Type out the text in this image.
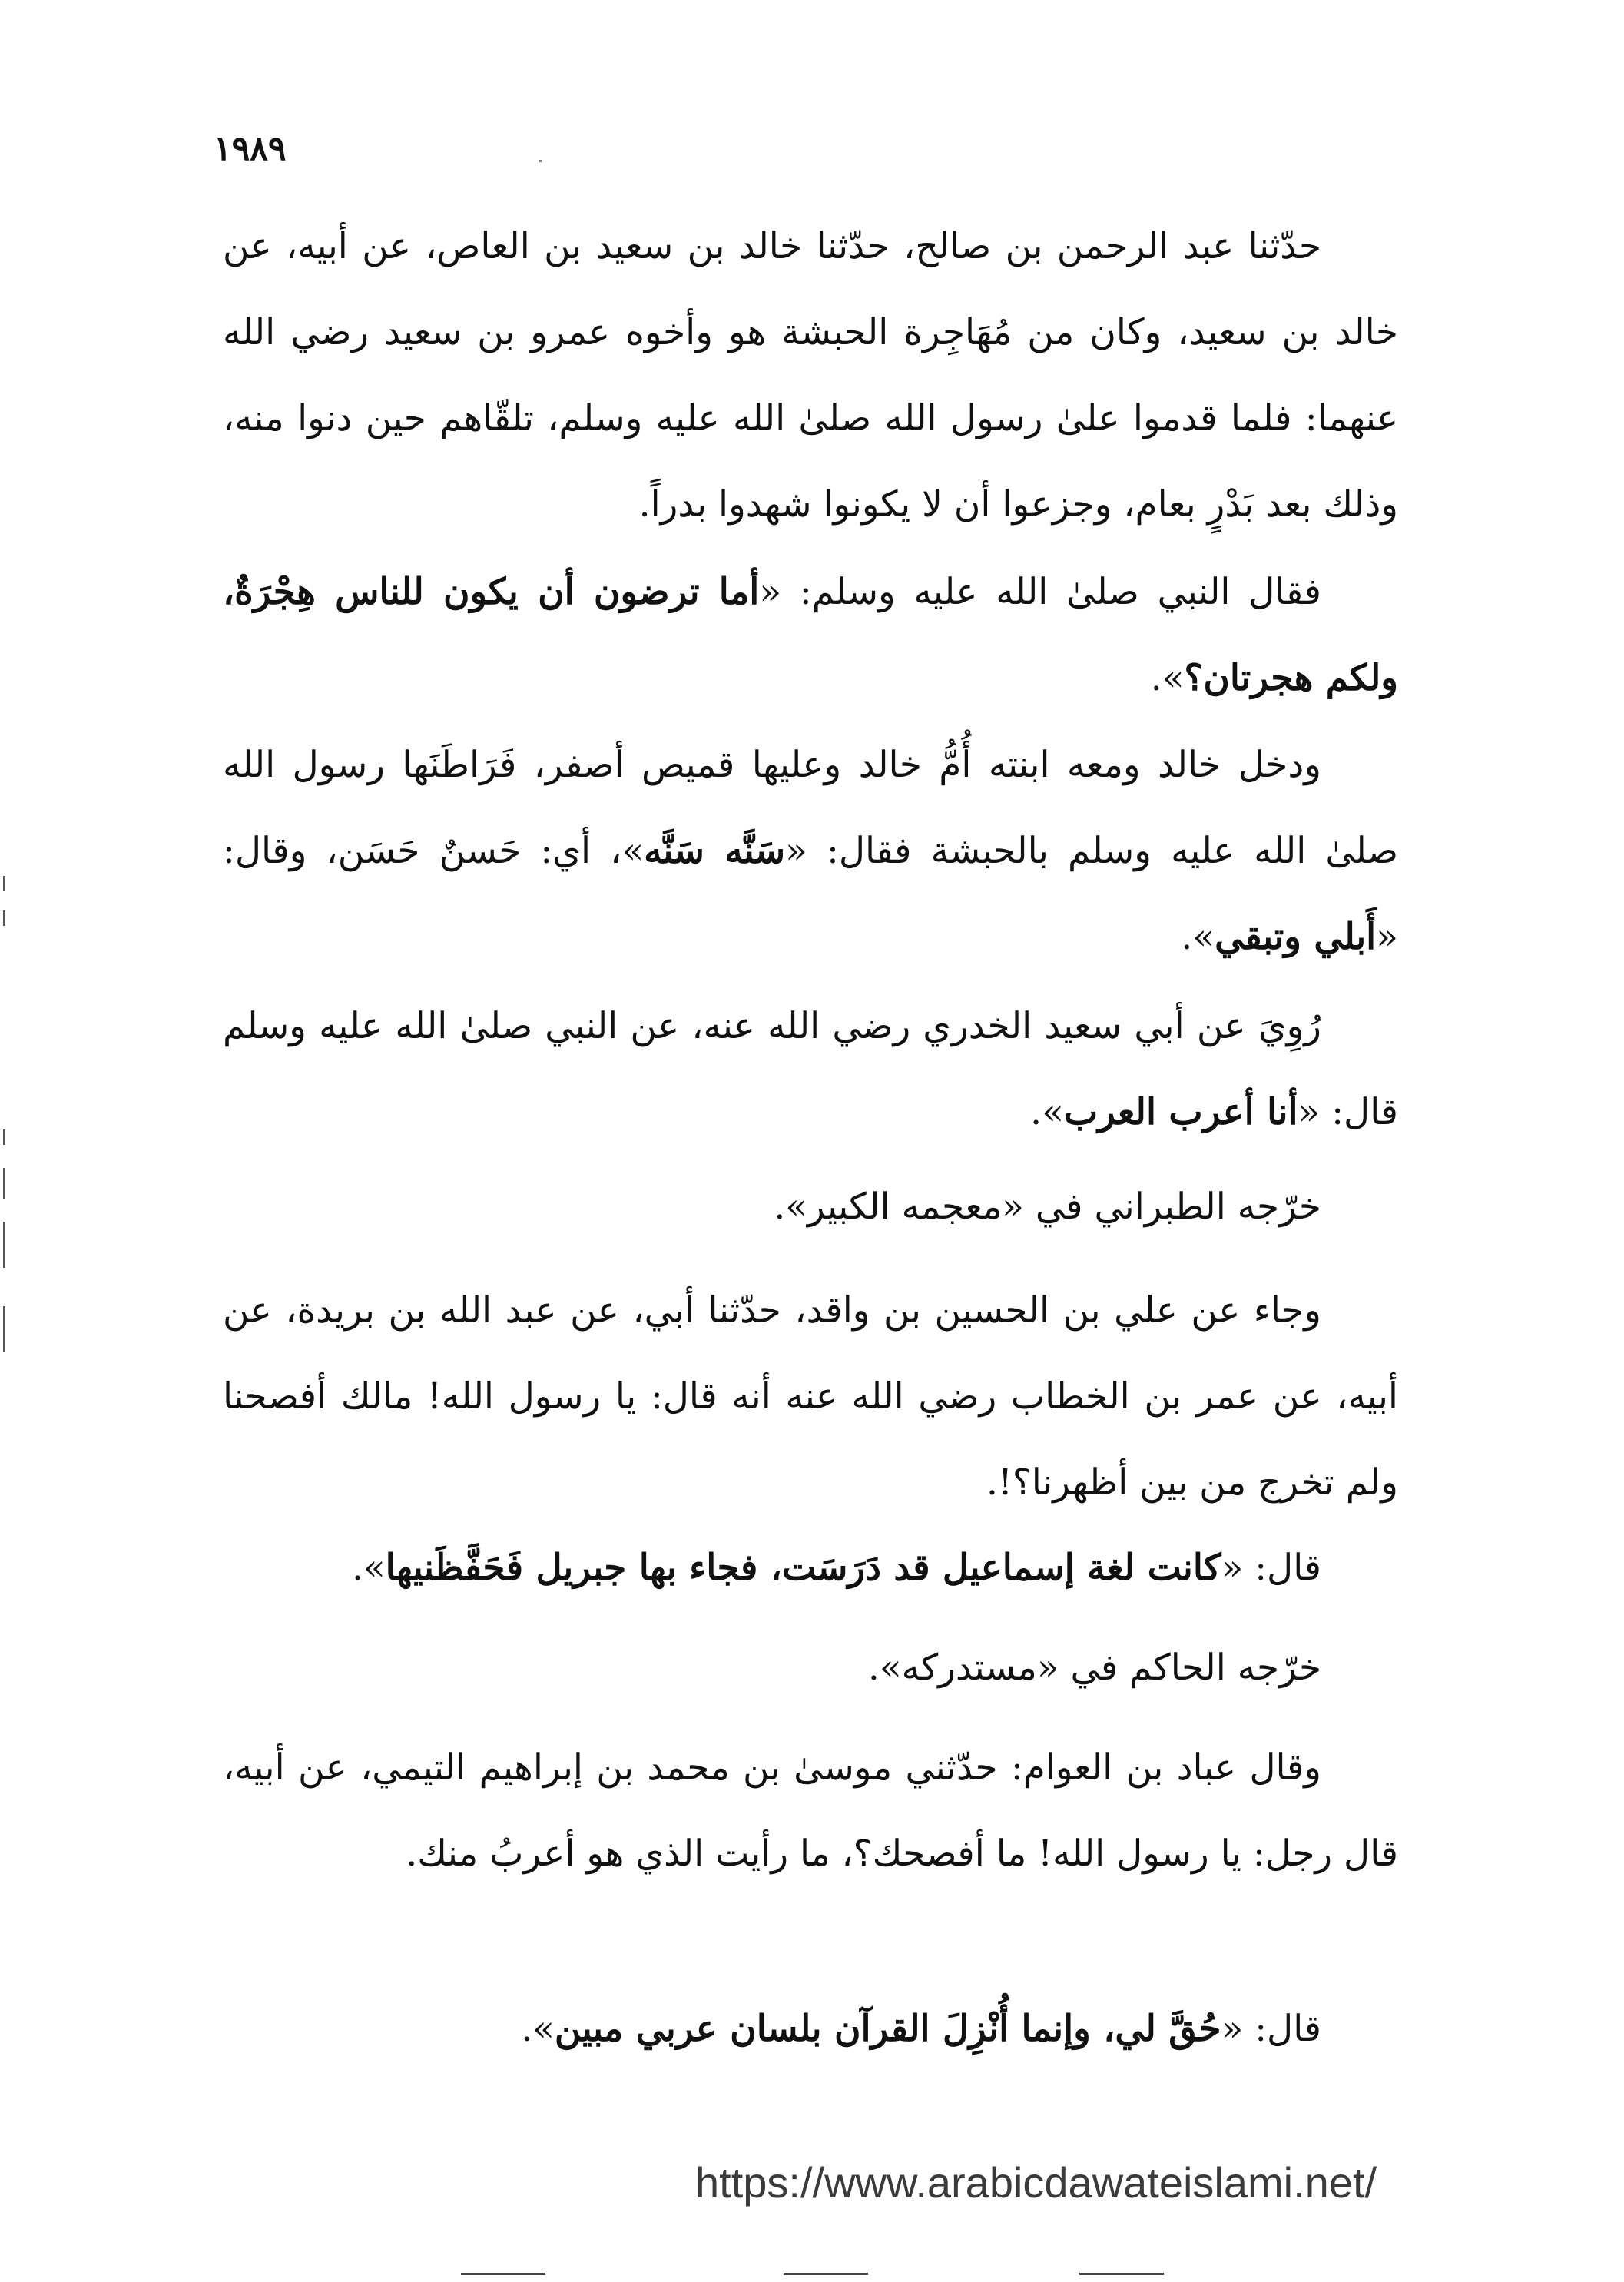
١٩٨٩

حدّثنا عبد الرحمن بن صالح، حدّثنا خالد بن سعيد بن العاص، عن أبيه، عن خالد بن سعيد، وكان من مُهَاجِرة الحبشة هو وأخوه عمرو بن سعيد رضي الله عنهما: فلما قدموا علىٰ رسول الله صلىٰ الله عليه وسلم، تلقّاهم حين دنوا منه، وذلك بعد بَدْرٍ بعام، وجزعوا أن لا يكونوا شهدوا بدراً.

فقال النبي صلىٰ الله عليه وسلم: «أما ترضون أن يكون للناس هِجْرَةٌ، ولكم هجرتان؟».

ودخل خالد ومعه ابنته أُمُّ خالد وعليها قميص أصفر، فَرَاطَنَها رسول الله صلىٰ الله عليه وسلم بالحبشة فقال: «سَنَّه سَنَّه»، أي: حَسنٌ حَسَن، وقال: «أَبلي وتبقي».

رُوِيَ عن أبي سعيد الخدري رضي الله عنه، عن النبي صلىٰ الله عليه وسلم قال: «أنا أعرب العرب».

خرّجه الطبراني في «معجمه الكبير».

وجاء عن علي بن الحسين بن واقد، حدّثنا أبي، عن عبد الله بن بريدة، عن أبيه، عن عمر بن الخطاب رضي الله عنه أنه قال: يا رسول الله! مالك أفصحنا ولم تخرج من بين أظهرنا؟!.

قال: «كانت لغة إسماعيل قد دَرَسَت، فجاء بها جبريل فَحَفَّظَنيها».

خرّجه الحاكم في «مستدركه».

وقال عباد بن العوام: حدّثني موسىٰ بن محمد بن إبراهيم التيمي، عن أبيه، قال رجل: يا رسول الله! ما أفصحك؟، ما رأيت الذي هو أعربُ منك.

قال: «حُقَّ لي، وإنما أُنْزِلَ القرآن بلسان عربي مبين».

https://www.arabicdawateislami.net/
